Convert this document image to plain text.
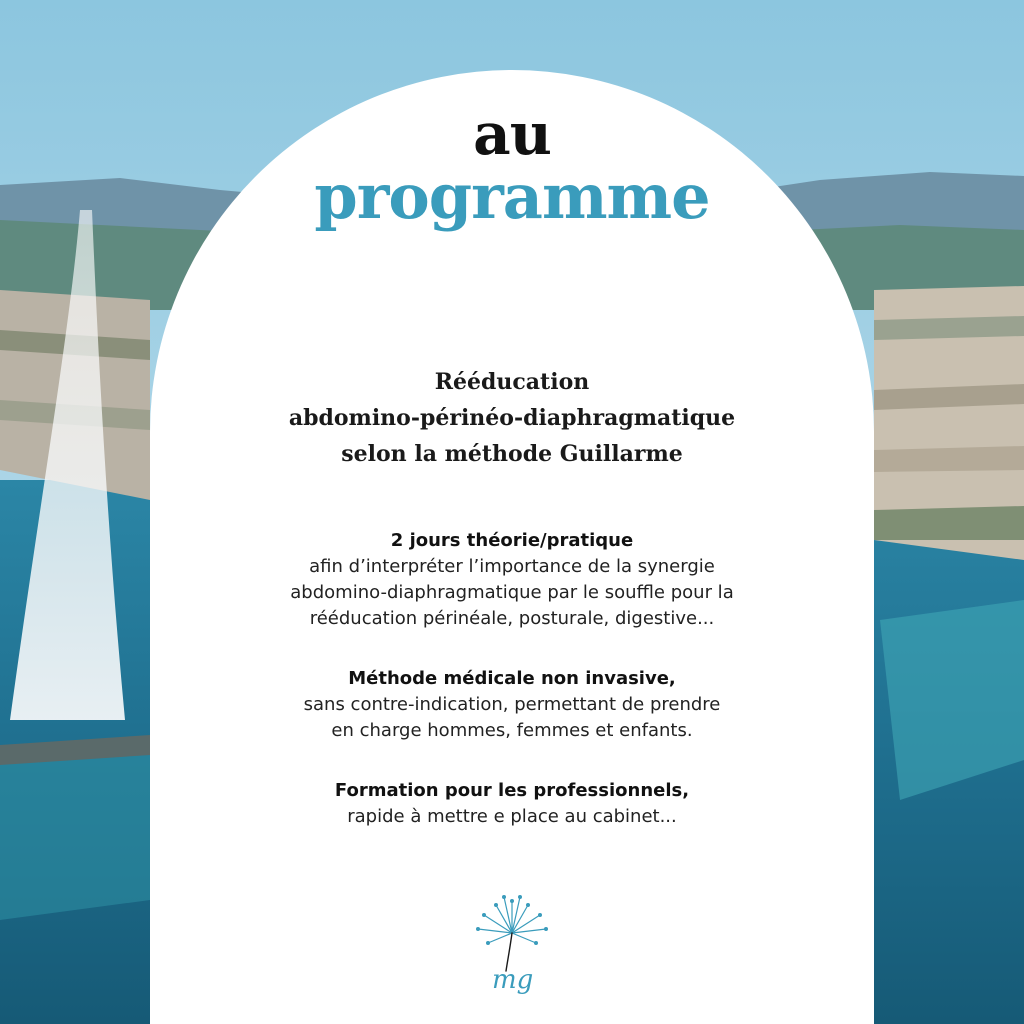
au
programme
Rééducation
abdomino-périnéo-diaphragmatique
selon la méthode Guillarme
2 jours théorie/pratique
afin d’interpréter l’importance de la synergie
abdomino-diaphragmatique par le souffle pour la
rééducation périnéale, posturale, digestive...
Méthode médicale non invasive,
sans contre-indication, permettant de prendre
en charge hommes, femmes et enfants.
Formation pour les professionnels,
rapide à mettre e place au cabinet...
mg
